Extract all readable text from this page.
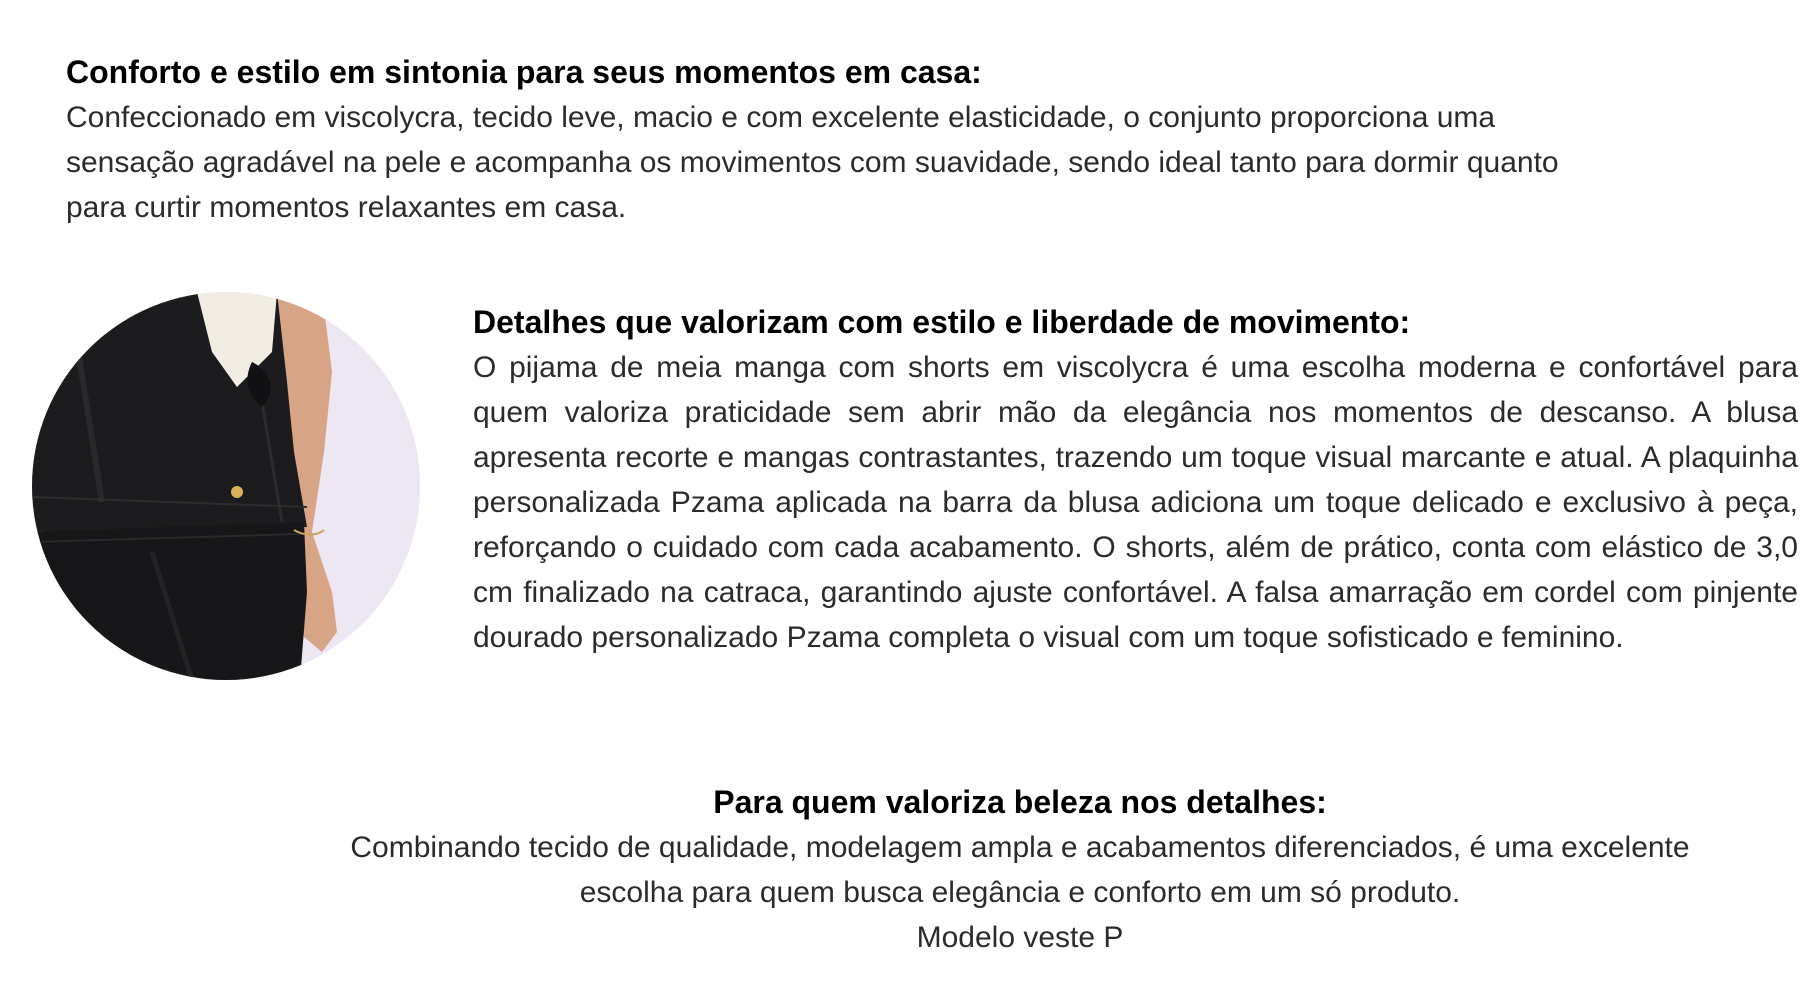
Conforto e estilo em sintonia para seus momentos em casa:
Confeccionado em viscolycra, tecido leve, macio e com excelente elasticidade, o conjunto proporciona uma
sensação agradável na pele e acompanha os movimentos com suavidade, sendo ideal tanto para dormir quanto
para curtir momentos relaxantes em casa.
Detalhes que valorizam com estilo e liberdade de movimento:
O pijama de meia manga com shorts em viscolycra é uma escolha moderna e confortável para quem valoriza praticidade sem abrir mão da elegância nos momentos de descanso. A blusa apresenta recorte e mangas contrastantes, trazendo um toque visual marcante e atual. A plaquinha personalizada Pzama aplicada na barra da blusa adiciona um toque delicado e exclusivo à peça, reforçando o cuidado com cada acabamento. O shorts, além de prático, conta com elástico de 3,0 cm finalizado na catraca, garantindo ajuste confortável. A falsa amarração em cordel com pinjente dourado personalizado Pzama completa o visual com um toque sofisticado e feminino.
Para quem valoriza beleza nos detalhes:
Combinando tecido de qualidade, modelagem ampla e acabamentos diferenciados, é uma excelente
escolha para quem busca elegância e conforto em um só produto.
Modelo veste P
